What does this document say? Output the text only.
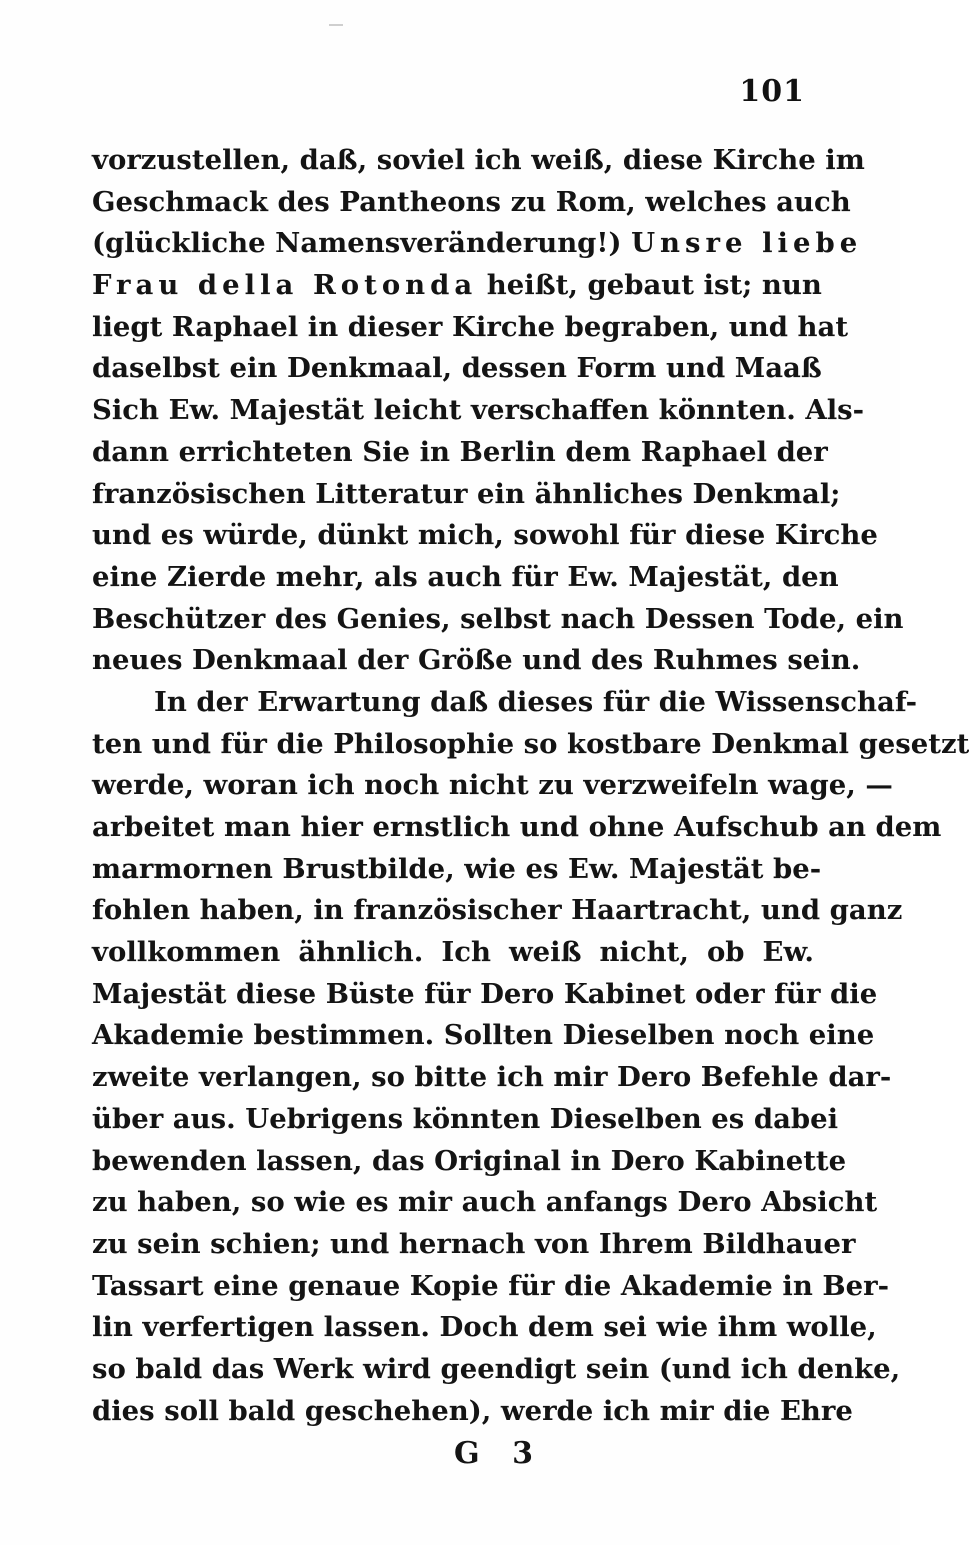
101
vorzustellen, daß, soviel ich weiß, diese Kirche im
Geschmack des Pantheons zu Rom, welches auch
(glückliche Namensveränderung!) Unsre liebe
Frau della Rotonda heißt, gebaut ist; nun
liegt Raphael in dieser Kirche begraben, und hat
daselbst ein Denkmaal, dessen Form und Maaß
Sich Ew. Majestät leicht verschaffen könnten. Als-
dann errichteten Sie in Berlin dem Raphael der
französischen Litteratur ein ähnliches Denkmal;
und es würde, dünkt mich, sowohl für diese Kirche
eine Zierde mehr, als auch für Ew. Majestät, den
Beschützer des Genies, selbst nach Dessen Tode, ein
neues Denkmaal der Größe und des Ruhmes sein.
In der Erwartung daß dieses für die Wissenschaf-
ten und für die Philosophie so kostbare Denkmal gesetzt
werde, woran ich noch nicht zu verzweifeln wage, —
arbeitet man hier ernstlich und ohne Aufschub an dem
marmornen Brustbilde, wie es Ew. Majestät be-
fohlen haben, in französischer Haartracht, und ganz
vollkommen ähnlich. Ich weiß nicht, ob Ew.
Majestät diese Büste für Dero Kabinet oder für die
Akademie bestimmen. Sollten Dieselben noch eine
zweite verlangen, so bitte ich mir Dero Befehle dar-
über aus. Uebrigens könnten Dieselben es dabei
bewenden lassen, das Original in Dero Kabinette
zu haben, so wie es mir auch anfangs Dero Absicht
zu sein schien; und hernach von Ihrem Bildhauer
Tassart eine genaue Kopie für die Akademie in Ber-
lin verfertigen lassen. Doch dem sei wie ihm wolle,
so bald das Werk wird geendigt sein (und ich denke,
dies soll bald geschehen), werde ich mir die Ehre
G 3
